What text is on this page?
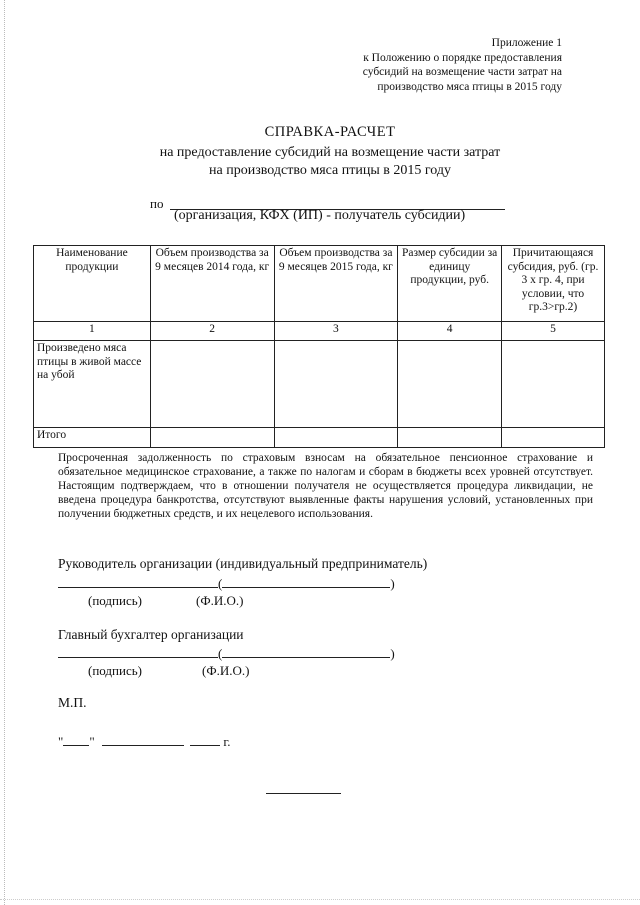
Приложение 1
к Положению о порядке предоставления
субсидий на возмещение части затрат на
производство мяса птицы в 2015 году
СПРАВКА-РАСЧЕТ
на предоставление субсидий на возмещение части затрат
на производство мяса птицы в 2015 году
по
(организация, КФХ (ИП) - получатель субсидии)
Наименование продукции	Объем производства за 9 месяцев 2014 года, кг	Объем производства за 9 месяцев 2015 года, кг	Размер субсидии за единицу продукции, руб.	Причитающаяся субсидия, руб. (гр. 3 х гр. 4, при условии, что гр.3>гр.2)
1	2	3	4	5
Произведено мяса птицы в живой массе на убой				
Итого				
Просроченная задолженность по страховым взносам на обязательное пенсионное страхование и обязательное медицинское страхование, а также по налогам и сборам в бюджеты всех уровней отсутствует. Настоящим подтверждаем, что в отношении получателя не осуществляется процедура ликвидации, не введена процедура банкротства, отсутствуют выявленные факты нарушения условий, установленных при получении бюджетных средств, и их нецелевого использования.
Руководитель организации (индивидуальный предприниматель)
(	)
(подпись)	(Ф.И.О.)
Главный бухгалтер организации
(	)
(подпись)	(Ф.И.О.)
М.П.
" "	г.
